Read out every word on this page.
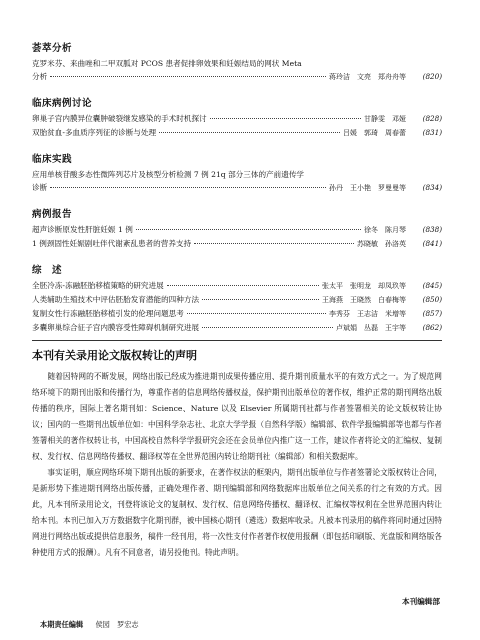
荟萃分析
克罗米芬、来曲唑和二甲双胍对 PCOS 患者促排卵效果和妊娠结局的网状 Meta
分析	蒋玲洁　文亮　郑舟舟等	(820)
临床病例讨论
卵巢子宫内膜异位囊肿破裂继发感染的手术时机探讨	甘静雯　邓娅	(828)
双胎贫血-多血质序列征的诊断与处理	吕媛　郭琦　周春蕾	(831)
临床实践
应用单核苷酸多态性微阵列芯片及核型分析检测 7 例 21q 部分三体的产前遗传学
诊断	孙丹　王小艳　罗曼曼等	(834)
病例报告
超声诊断原发性肝脏妊娠 1 例	徐冬　陈月琴	(838)
1 例颈固性妊娠剧吐伴代谢紊乱患者的营养支持	苏晓敏　孙洛英	(841)
综　述
全胚冷冻-冻融胚胎移植策略的研究进展	张太平　张明龙　却凤玖等	(845)
人类辅助生殖技术中评估胚胎发育潜能的四种方法	王海燕　王晓然　白春梅等	(850)
复制女性行冻融胚胎移植引发的伦理问题思考	李秀芬　王志洁　米增等	(857)
多囊卵巢综合征子宫内膜容受性障碍机制研究进展	卢斌娟　丛磊　王宇等	(862)
本刊有关录用论文版权转让的声明

随着因特网的不断发展，网络出版已经成为推进期刊成果传播应用、提升期刊质量水平的有效方式之一。为了规范网络环境下的期刊出版和传播行为，尊重作者的信息网络传播权益，保护期刊出版单位的著作权，维护正常的期刊网络出版传播的秩序，国际上著名期刊如：Science、Nature 以及 Elsevier 所属期刊社都与作者签署相关的论文版权转让协议；国内的一些期刊出版单位如：中国科学杂志社、北京大学学报（自然科学版）编辑部、软件学报编辑部等也都与作者签署相关的著作权转让书，中国高校自然科学学报研究会还在会员单位内推广这一工作，建议作者将论文的汇编权、复制权、发行权、信息网络传播权、翻译权等在全世界范围内转让给期刊社（编辑部）和相关数据库。

事实证明，顺应网络环境下期刊出版的新要求，在著作权法的框架内，期刊出版单位与作者签署论文版权转让合同，是新形势下推进期刊网络出版传播，正确处理作者、期刊编辑部和网络数据库出版单位之间关系的行之有效的方式。因此，凡本刊所录用论文，刊登将该论文的复制权、发行权、信息网络传播权、翻译权、汇编权等权利在全世界范围内转让给本刊。本刊已加入万方数据数字化期刊群，被中国核心期刊（遴选）数据库收录。凡被本刊录用的稿件将同时通过因特网进行网络出版或提供信息服务，稿件一经刊用，将一次性支付作者著作权使用报酬（即包括印刷版、光盘版和网络版各种使用方式的报酬）。凡有不同意者，请另投他刊。特此声明。

本刊编辑部
本期责任编辑 侯园　罗宏志
